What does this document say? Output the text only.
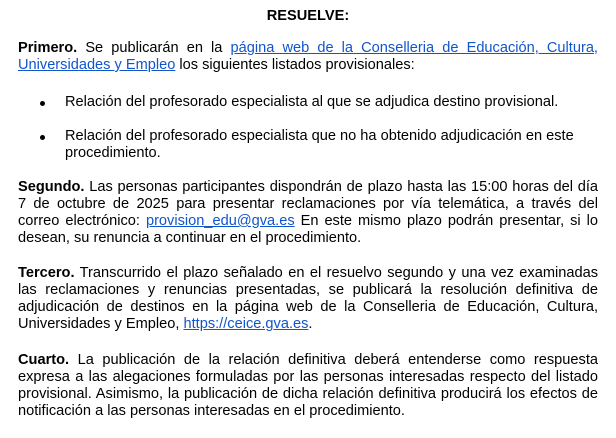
RESUELVE:
Primero. Se publicarán en la página web de la Conselleria de Educación, Cultura, Universidades y Empleo los siguientes listados provisionales:
Relación del profesorado especialista al que se adjudica destino provisional.
Relación del profesorado especialista que no ha obtenido adjudicación en este procedimiento.
Segundo. Las personas participantes dispondrán de plazo hasta las 15:00 horas del día 7 de octubre de 2025 para presentar reclamaciones por vía telemática, a través del correo electrónico: provision_edu@gva.es En este mismo plazo podrán presentar, si lo desean, su renuncia a continuar en el procedimiento.
Tercero. Transcurrido el plazo señalado en el resuelvo segundo y una vez examinadas las reclamaciones y renuncias presentadas, se publicará la resolución definitiva de adjudicación de destinos en la página web de la Conselleria de Educación, Cultura, Universidades y Empleo, https://ceice.gva.es.
Cuarto. La publicación de la relación definitiva deberá entenderse como respuesta expresa a las alegaciones formuladas por las personas interesadas respecto del listado provisional. Asimismo, la publicación de dicha relación definitiva producirá los efectos de notificación a las personas interesadas en el procedimiento.
